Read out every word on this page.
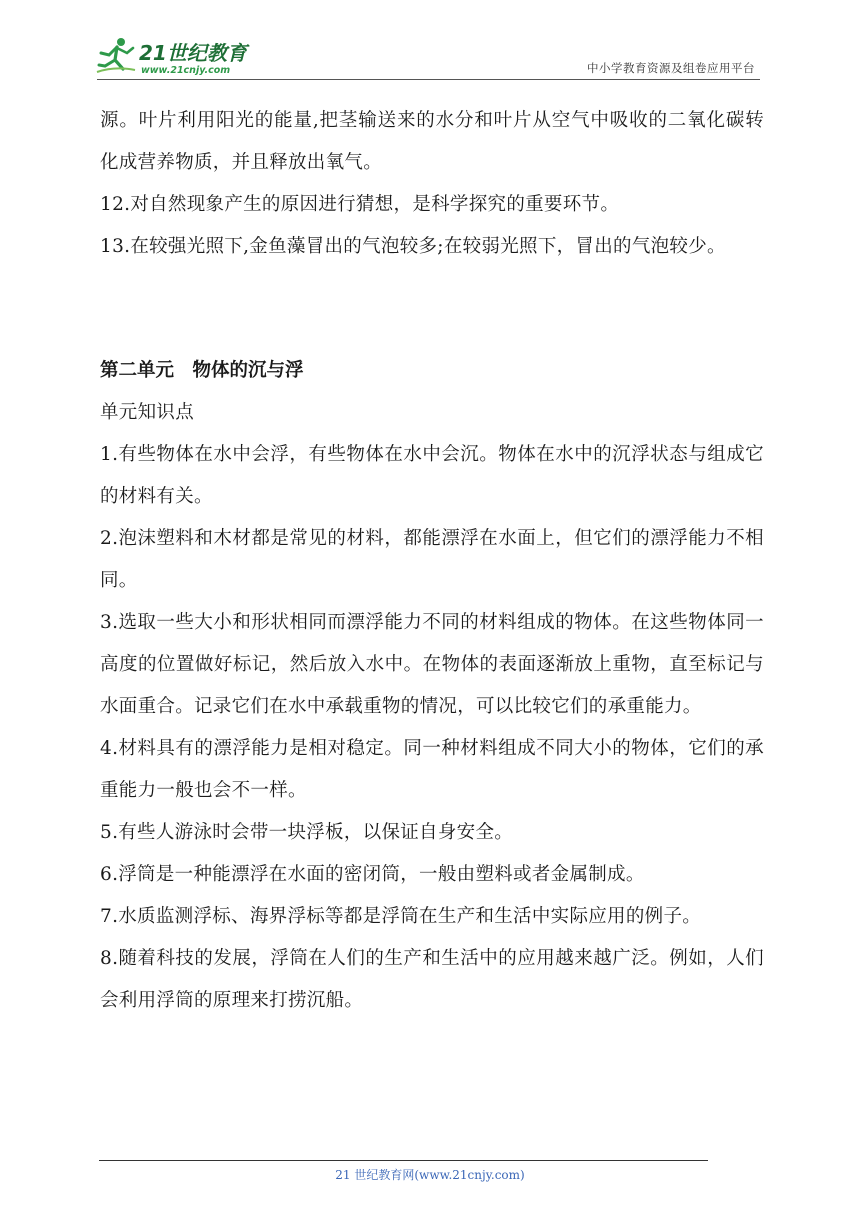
21世纪教育
www.21cnjy.com	中小学教育资源及组卷应用平台

源。叶片利用阳光的能量,把茎输送来的水分和叶片从空气中吸收的二氧化碳转化成营养物质，并且释放出氧气。

12.对自然现象产生的原因进行猜想，是科学探究的重要环节。

13.在较强光照下,金鱼藻冒出的气泡较多;在较弱光照下，冒出的气泡较少。

第二单元　物体的沉与浮

单元知识点

1.有些物体在水中会浮，有些物体在水中会沉。物体在水中的沉浮状态与组成它的材料有关。

2.泡沫塑料和木材都是常见的材料，都能漂浮在水面上，但它们的漂浮能力不相同。

3.选取一些大小和形状相同而漂浮能力不同的材料组成的物体。在这些物体同一高度的位置做好标记，然后放入水中。在物体的表面逐渐放上重物，直至标记与水面重合。记录它们在水中承载重物的情况，可以比较它们的承重能力。

4.材料具有的漂浮能力是相对稳定。同一种材料组成不同大小的物体，它们的承重能力一般也会不一样。

5.有些人游泳时会带一块浮板，以保证自身安全。

6.浮筒是一种能漂浮在水面的密闭筒，一般由塑料或者金属制成。

7.水质监测浮标、海界浮标等都是浮筒在生产和生活中实际应用的例子。

8.随着科技的发展，浮筒在人们的生产和生活中的应用越来越广泛。例如，人们会利用浮筒的原理来打捞沉船。

21 世纪教育网(www.21cnjy.com)
